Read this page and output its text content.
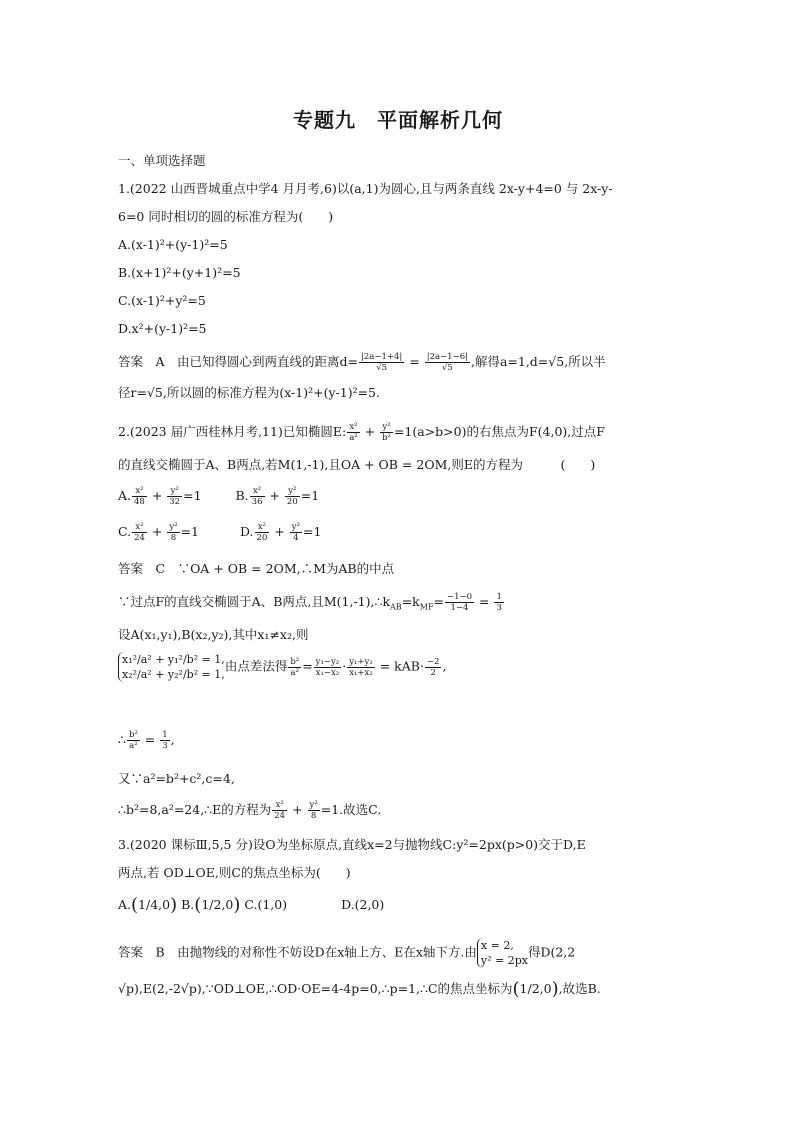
专题九　平面解析几何
一、单项选择题
1.(2022 山西晋城重点中学4 月月考,6)以(a,1)为圆心,且与两条直线 2x-y+4=0 与 2x-y-
6=0 同时相切的圆的标准方程为(　　)
A.(x-1)²+(y-1)²=5
B.(x+1)²+(y+1)²=5
C.(x-1)²+y²=5
D.x²+(y-1)²=5
答案　A　由已知得圆心到两直线的距离$d= \frac{|2a-1+4|}{√5} = \frac{|2a-1-6|}{√5}$ ,解得a=1,d=√5,所以半
径r=√5,所以圆的标准方程为(x-1)²+(y-1)²=5.
2.(2023 届广西桂林月考,11)已知椭圆E: $\frac{\text{x²}}{\text{a²}} + \frac{\text{y²}}{\text{b²}} =1(a>b>0)$的右焦点为F(4,0),过点F
的直线交椭圆于A、B两点,若M(1,-1),且OA + OB = 2OM,则E的方程为　　　(　　)
A. $\frac{\text{x²}}{48} + \frac{\text{y²}}{32} =1$	B. $\frac{\text{x²}}{36} + \frac{\text{y²}}{20} =1$
C. $\frac{\text{x²}}{24} + \frac{\text{y²}}{8} =1$	D. $\frac{\text{x²}}{20} + \frac{\text{y²}}{4} =1$
答案　C　∵OA + OB = 2OM,∴M为AB的中点
∵过点F的直线交椭圆于A、B两点,且$M(1,-1),\therefore k_{AB}=k_{MF}= \frac{-1-0}{1-4} = \frac{1}{3}$
设A(x₁,y₁),B(x₂,y₂),其中x₁≠x₂,则
x₁²/a² + y₁²/b² = 1,
x₂²/a² + y₂²/b² = 1,
由点差法得 $\frac{\text{b²}}{\text{a²}} = \frac{\text{y₁−y₂}}{\text{x₁−x₂}} \cdot \frac{\text{y₁+y₂}}{\text{x₁+x₂}} = kAB\cdot \frac{-2}{2}$ ,
∴ $\frac{\text{b²}}{\text{a²}} = \frac{1}{3}$ ,
又∵a²=b²+c²,c=4,
∴b²=8,a²=24,∴E的方程为 $\frac{\text{x²}}{24} + \frac{\text{y²}}{8} =1$.故选C.
3.(2020 课标Ⅲ,5,5 分)设O为坐标原点,直线x=2与抛物线C:y²=2px(p>0)交于D,E
两点,若 OD⊥OE,则C的焦点坐标为(　　)
A.(1/4,0) B.(1/2,0) C.(1,0)	D.(2,0)
答案　B　由抛物线的对称性不妨设D在x轴上方、E在x轴下方.由 x = 2,
y² = 2px
得D(2,2
√p),E(2,-2√p),∵OD⊥OE,∴OD·OE=4-4p=0,∴p=1,∴C的焦点坐标为(1/2,0),故选B.
